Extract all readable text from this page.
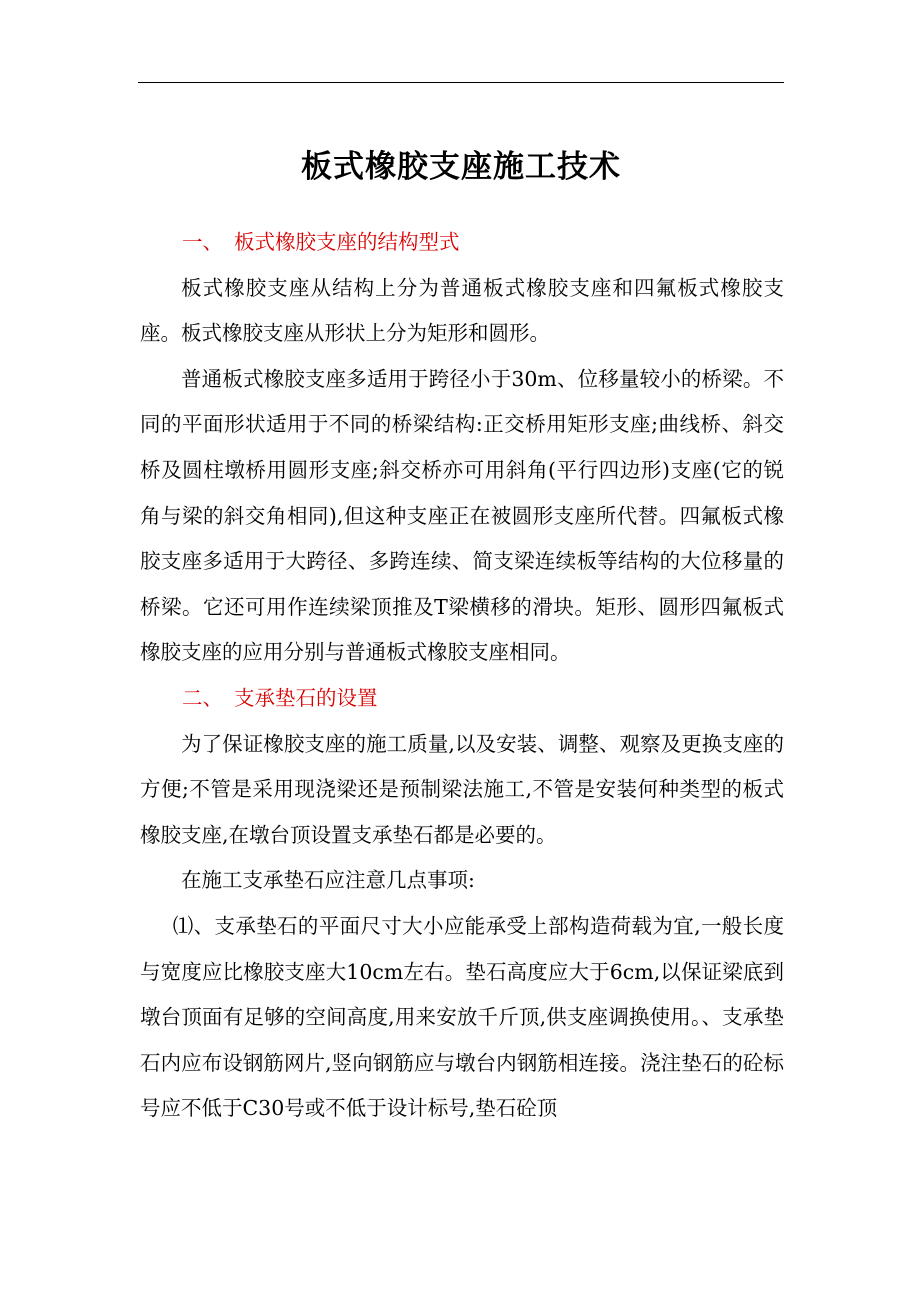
板式橡胶支座施工技术

一、 板式橡胶支座的结构型式

板式橡胶支座从结构上分为普通板式橡胶支座和四氟板式橡胶支座。板式橡胶支座从形状上分为矩形和圆形。

普通板式橡胶支座多适用于跨径小于30m、位移量较小的桥梁。不同的平面形状适用于不同的桥梁结构:正交桥用矩形支座;曲线桥、斜交桥及圆柱墩桥用圆形支座;斜交桥亦可用斜角(平行四边形)支座(它的锐角与梁的斜交角相同),但这种支座正在被圆形支座所代替。四氟板式橡胶支座多适用于大跨径、多跨连续、简支梁连续板等结构的大位移量的桥梁。它还可用作连续梁顶推及T梁横移的滑块。矩形、圆形四氟板式橡胶支座的应用分别与普通板式橡胶支座相同。

二、 支承垫石的设置

为了保证橡胶支座的施工质量,以及安装、调整、观察及更换支座的方便;不管是采用现浇梁还是预制梁法施工,不管是安装何种类型的板式橡胶支座,在墩台顶设置支承垫石都是必要的。

在施工支承垫石应注意几点事项:

⑴、支承垫石的平面尺寸大小应能承受上部构造荷载为宜,一般长度与宽度应比橡胶支座大10cm左右。垫石高度应大于6cm,以保证梁底到墩台顶面有足够的空间高度,用来安放千斤顶,供支座调换使用。、支承垫石内应布设钢筋网片,竖向钢筋应与墩台内钢筋相连接。浇注垫石的砼标号应不低于C30号或不低于设计标号,垫石砼顶
